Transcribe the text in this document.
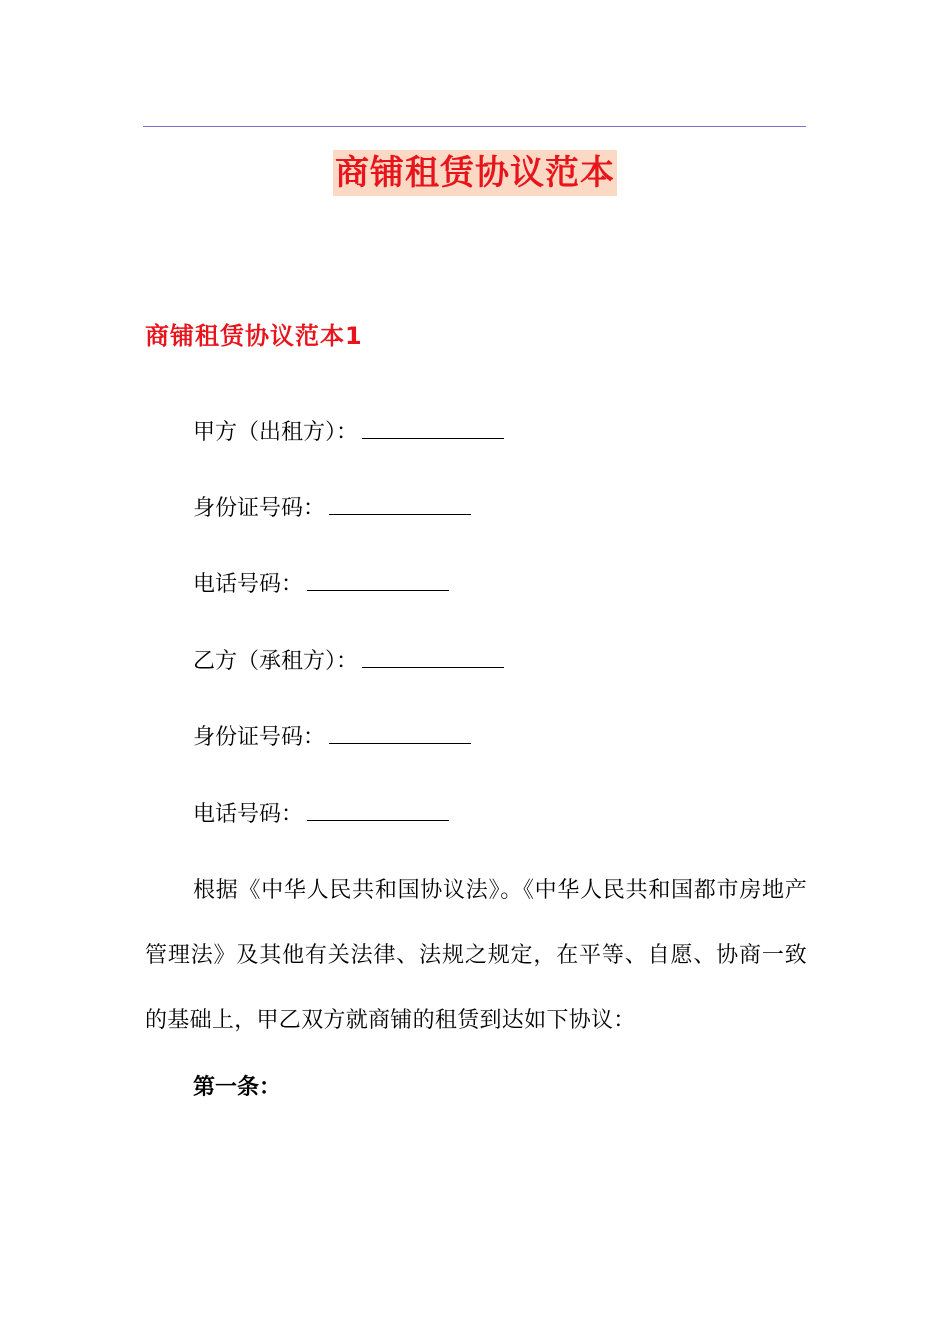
商铺租赁协议范本
商铺租赁协议范本1
甲方（出租方）：
身份证号码：
电话号码：
乙方（承租方）：
身份证号码：
电话号码：
根据《中华人民共和国协议法》。《中华人民共和国都市房地产管理法》及其他有关法律、法规之规定，在平等、自愿、协商一致的基础上，甲乙双方就商铺的租赁到达如下协议：
第一条：
